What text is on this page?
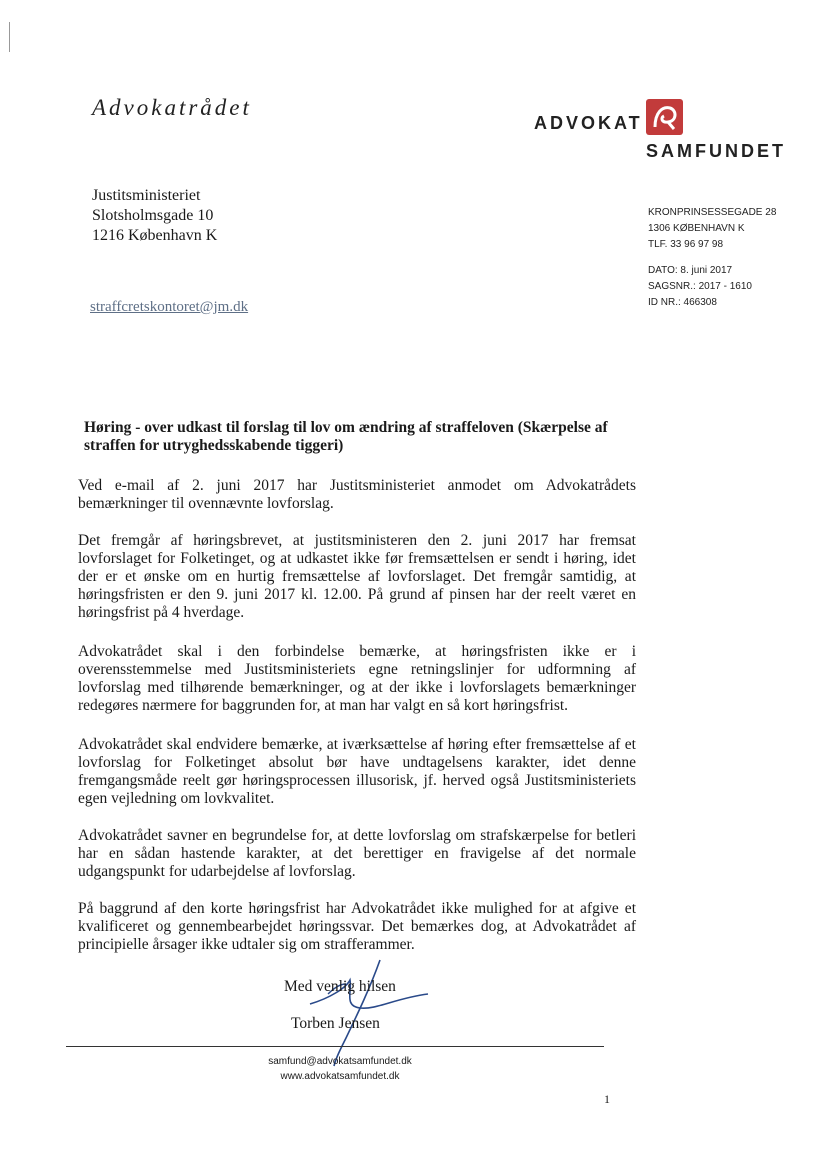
Advokatrådet
ADVOKAT
SAMFUNDET
Justitsministeriet
Slotsholmsgade 10
1216 København K
KRONPRINSESSEGADE 28
1306 KØBENHAVN K
TLF. 33 96 97 98
DATO: 8. juni 2017
SAGSNR.: 2017 - 1610
ID NR.: 466308
straffcretskontoret@jm.dk
Høring - over udkast til forslag til lov om ændring af straffeloven (Skærpelse af straffen for utryghedsskabende tiggeri)
Ved e-mail af 2. juni 2017 har Justitsministeriet anmodet om Advokatrådets bemærkninger til ovennævnte lovforslag.
Det fremgår af høringsbrevet, at justitsministeren den 2. juni 2017 har fremsat lovforslaget for Folketinget, og at udkastet ikke før fremsættelsen er sendt i høring, idet der er et ønske om en hurtig fremsættelse af lovforslaget. Det fremgår samtidig, at høringsfristen er den 9. juni 2017 kl. 12.00. På grund af pinsen har der reelt været en høringsfrist på 4 hverdage.
Advokatrådet skal i den forbindelse bemærke, at høringsfristen ikke er i overensstemmelse med Justitsministeriets egne retningslinjer for udformning af lovforslag med tilhørende bemærkninger, og at der ikke i lovforslagets bemærkninger redegøres nærmere for baggrunden for, at man har valgt en så kort høringsfrist.
Advokatrådet skal endvidere bemærke, at iværksættelse af høring efter fremsættelse af et lovforslag for Folketinget absolut bør have undtagelsens karakter, idet denne fremgangsmåde reelt gør høringsprocessen illusorisk, jf. herved også Justitsministeriets egen vejledning om lovkvalitet.
Advokatrådet savner en begrundelse for, at dette lovforslag om strafskærpelse for betleri har en sådan hastende karakter, at det berettiger en fravigelse af det normale udgangspunkt for udarbejdelse af lovforslag.
På baggrund af den korte høringsfrist har Advokatrådet ikke mulighed for at afgive et kvalificeret og gennembearbejdet høringssvar. Det bemærkes dog, at Advokatrådet af principielle årsager ikke udtaler sig om strafferammer.
Med venlig hilsen
Torben Jensen
samfund@advokatsamfundet.dk
www.advokatsamfundet.dk
1
